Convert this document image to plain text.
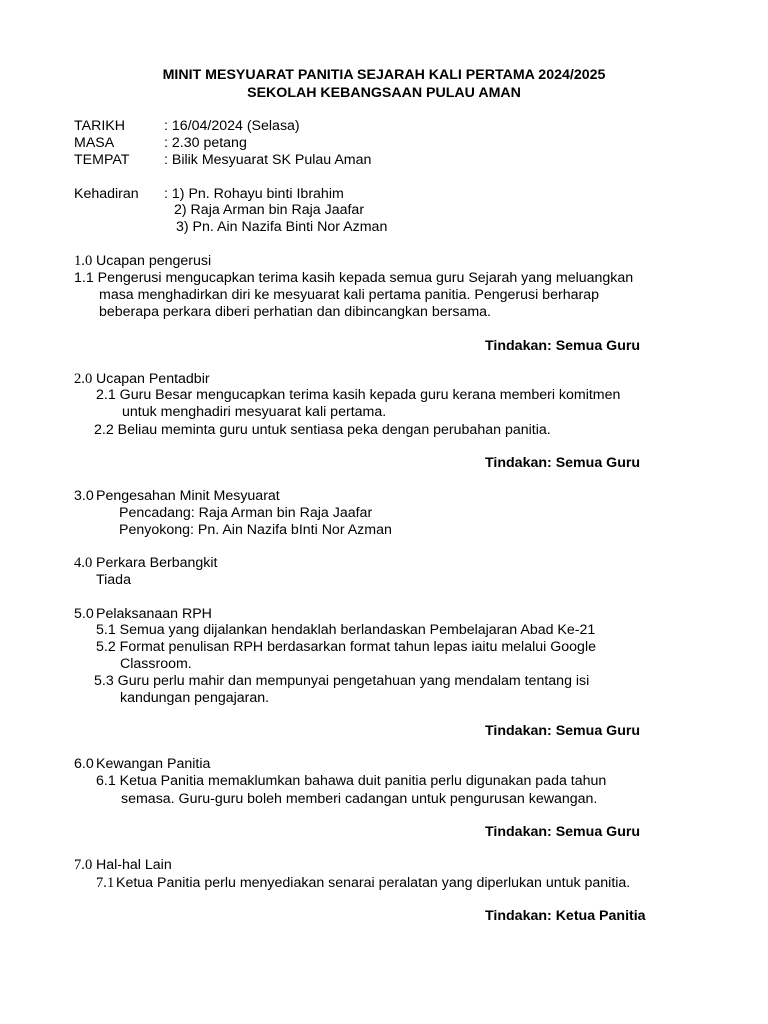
MINIT MESYUARAT PANITIA SEJARAH KALI PERTAMA 2024/2025
SEKOLAH KEBANGSAAN PULAU AMAN
TARIKH	: 16/04/2024 (Selasa)
MASA	: 2.30 petang
TEMPAT : Bilik Mesyuarat SK Pulau Aman
Kehadiran : 1) Pn. Rohayu binti Ibrahim
2) Raja Arman bin Raja Jaafar
3) Pn. Ain Nazifa Binti Nor Azman
1.0 Ucapan pengerusi
1.1 Pengerusi mengucapkan terima kasih kepada semua guru Sejarah yang meluangkan
masa menghadirkan diri ke mesyuarat kali pertama panitia. Pengerusi berharap
beberapa perkara diberi perhatian dan dibincangkan bersama.
Tindakan: Semua Guru
2.0 Ucapan Pentadbir
2.1 Guru Besar mengucapkan terima kasih kepada guru kerana memberi komitmen
untuk menghadiri mesyuarat kali pertama.
2.2 Beliau meminta guru untuk sentiasa peka dengan perubahan panitia.
Tindakan: Semua Guru
3.0 Pengesahan Minit Mesyuarat
Pencadang: Raja Arman bin Raja Jaafar
Penyokong: Pn. Ain Nazifa bInti Nor Azman
4.0 Perkara Berbangkit
Tiada
5.0 Pelaksanaan RPH
5.1 Semua yang dijalankan hendaklah berlandaskan Pembelajaran Abad Ke-21
5.2 Format penulisan RPH berdasarkan format tahun lepas iaitu melalui Google
Classroom.
5.3 Guru perlu mahir dan mempunyai pengetahuan yang mendalam tentang isi
kandungan pengajaran.
Tindakan: Semua Guru
6.0 Kewangan Panitia
6.1 Ketua Panitia memaklumkan bahawa duit panitia perlu digunakan pada tahun
semasa. Guru-guru boleh memberi cadangan untuk pengurusan kewangan.
Tindakan: Semua Guru
7.0 Hal-hal Lain
7.1 Ketua Panitia perlu menyediakan senarai peralatan yang diperlukan untuk panitia.
Tindakan: Ketua Panitia
